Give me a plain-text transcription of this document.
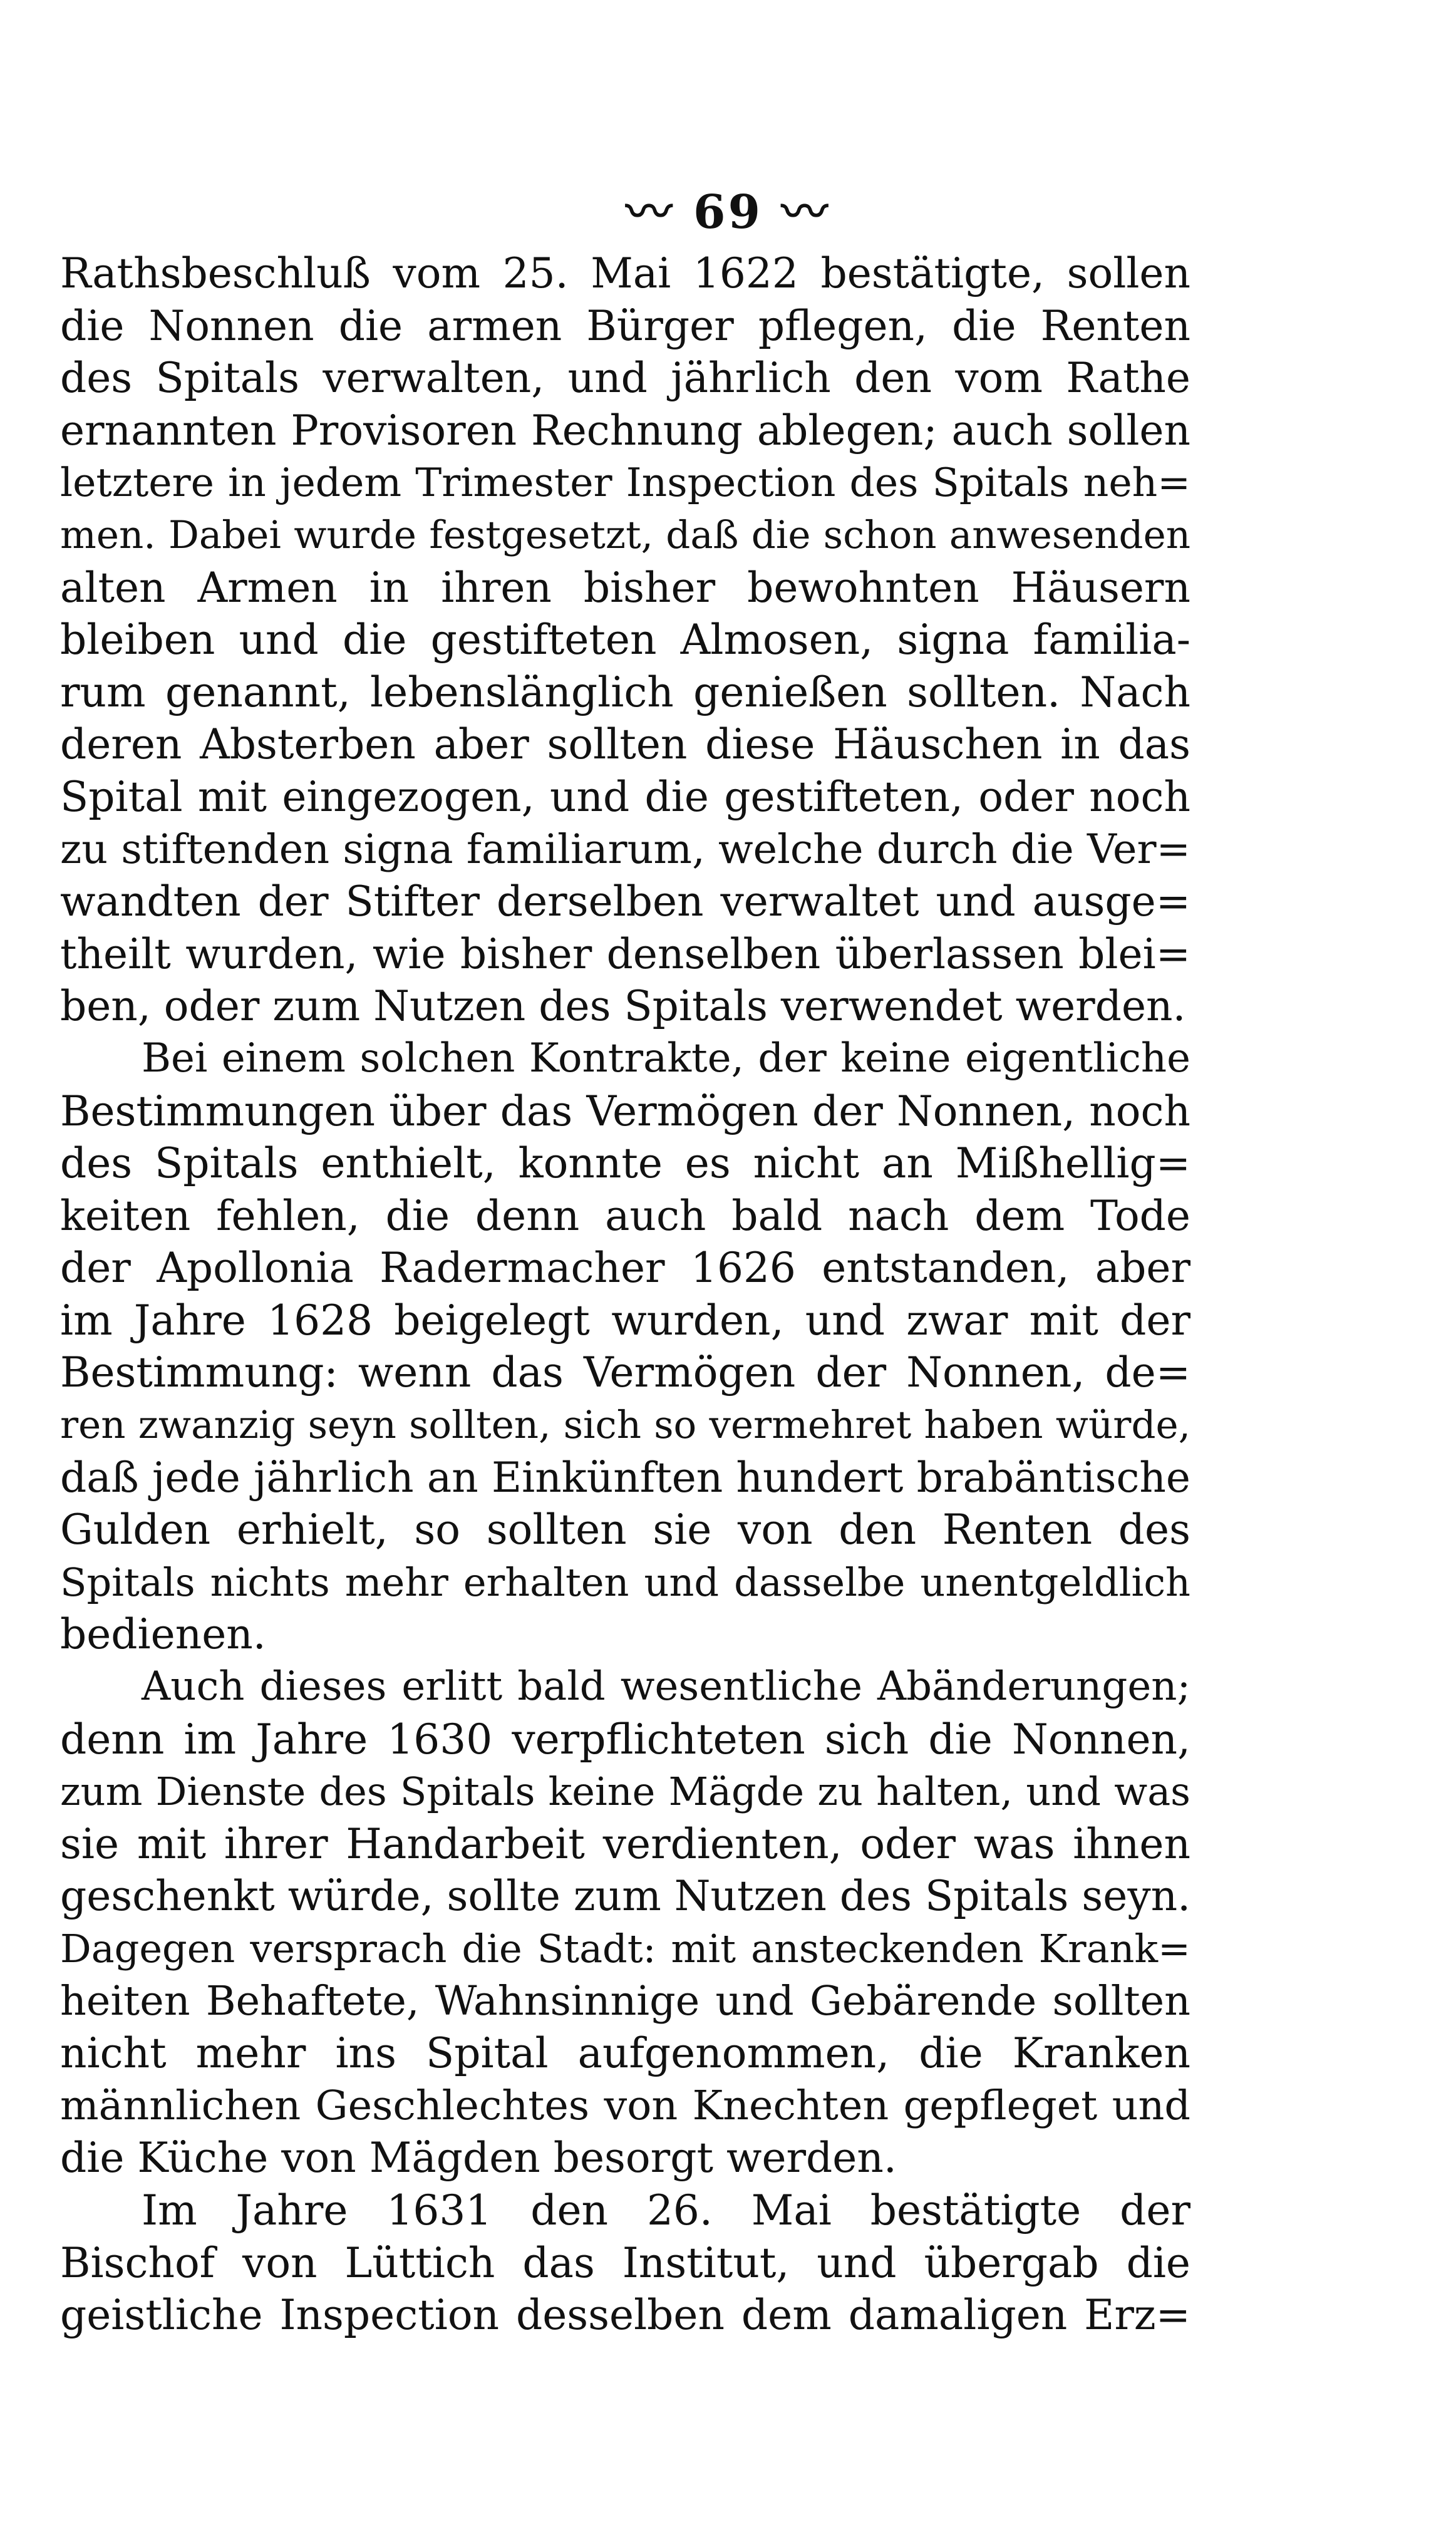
〰 69 〰
Rathsbeschluß vom 25. Mai 1622 bestätigte, sollen
die Nonnen die armen Bürger pflegen, die Renten
des Spitals verwalten, und jährlich den vom Rathe
ernannten Provisoren Rechnung ablegen; auch sollen
letztere in jedem Trimester Inspection des Spitals neh=
men. Dabei wurde festgesetzt, daß die schon anwesenden
alten Armen in ihren bisher bewohnten Häusern
bleiben und die gestifteten Almosen, signa familia-
rum genannt, lebenslänglich genießen sollten. Nach
deren Absterben aber sollten diese Häuschen in das
Spital mit eingezogen, und die gestifteten, oder noch
zu stiftenden signa familiarum, welche durch die Ver=
wandten der Stifter derselben verwaltet und ausge=
theilt wurden, wie bisher denselben überlassen blei=
ben, oder zum Nutzen des Spitals verwendet werden.
Bei einem solchen Kontrakte, der keine eigentliche
Bestimmungen über das Vermögen der Nonnen, noch
des Spitals enthielt, konnte es nicht an Mißhellig=
keiten fehlen, die denn auch bald nach dem Tode
der Apollonia Radermacher 1626 entstanden, aber
im Jahre 1628 beigelegt wurden, und zwar mit der
Bestimmung: wenn das Vermögen der Nonnen, de=
ren zwanzig seyn sollten, sich so vermehret haben würde,
daß jede jährlich an Einkünften hundert brabäntische
Gulden erhielt, so sollten sie von den Renten des
Spitals nichts mehr erhalten und dasselbe unentgeldlich
bedienen.
Auch dieses erlitt bald wesentliche Abänderungen;
denn im Jahre 1630 verpflichteten sich die Nonnen,
zum Dienste des Spitals keine Mägde zu halten, und was
sie mit ihrer Handarbeit verdienten, oder was ihnen
geschenkt würde, sollte zum Nutzen des Spitals seyn.
Dagegen versprach die Stadt: mit ansteckenden Krank=
heiten Behaftete, Wahnsinnige und Gebärende sollten
nicht mehr ins Spital aufgenommen, die Kranken
männlichen Geschlechtes von Knechten gepfleget und
die Küche von Mägden besorgt werden.
Im Jahre 1631 den 26. Mai bestätigte der
Bischof von Lüttich das Institut, und übergab die
geistliche Inspection desselben dem damaligen Erz=
